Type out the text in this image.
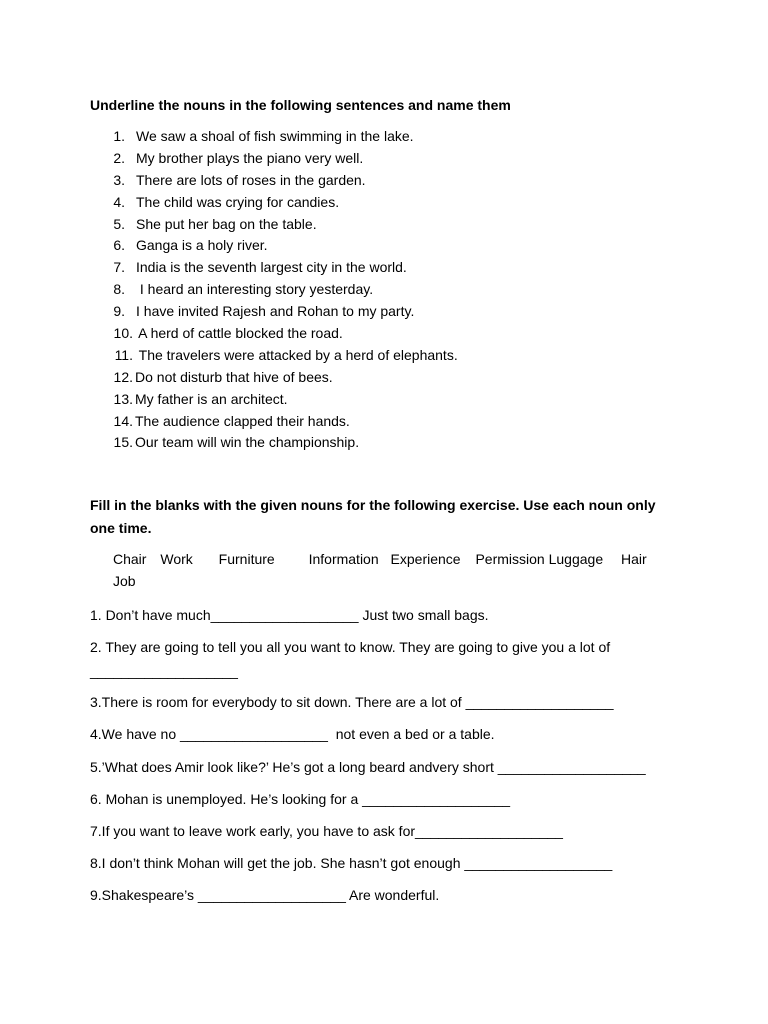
Underline the nouns in the following sentences and name them

1. We saw a shoal of fish swimming in the lake.
2. My brother plays the piano very well.
3. There are lots of roses in the garden.
4. The child was crying for candies.
5. She put her bag on the table.
6. Ganga is a holy river.
7. India is the seventh largest city in the world.
8. I heard an interesting story yesterday.
9. I have invited Rajesh and Rohan to my party.
10. A herd of cattle blocked the road.
11. The travelers were attacked by a herd of elephants.
12. Do not disturb that hive of bees.
13. My father is an architect.
14. The audience clapped their hands.
15. Our team will win the championship.

Fill in the blanks with the given nouns for the following exercise. Use each noun only one time.

Chair Work Furniture Information Experience Permission Luggage Hair
Job

1. Don’t have much___________________ Just two small bags.

2. They are going to tell you all you want to know. They are going to give you a lot of ___________________

3.There is room for everybody to sit down. There are a lot of ___________________

4.We have no ___________________  not even a bed or a table.

5.’What does Amir look like?’ He’s got a long beard andvery short ___________________

6. Mohan is unemployed. He’s looking for a ___________________

7.If you want to leave work early, you have to ask for___________________

8.I don’t think Mohan will get the job. She hasn’t got enough ___________________

9.Shakespeare’s ___________________ Are wonderful.
